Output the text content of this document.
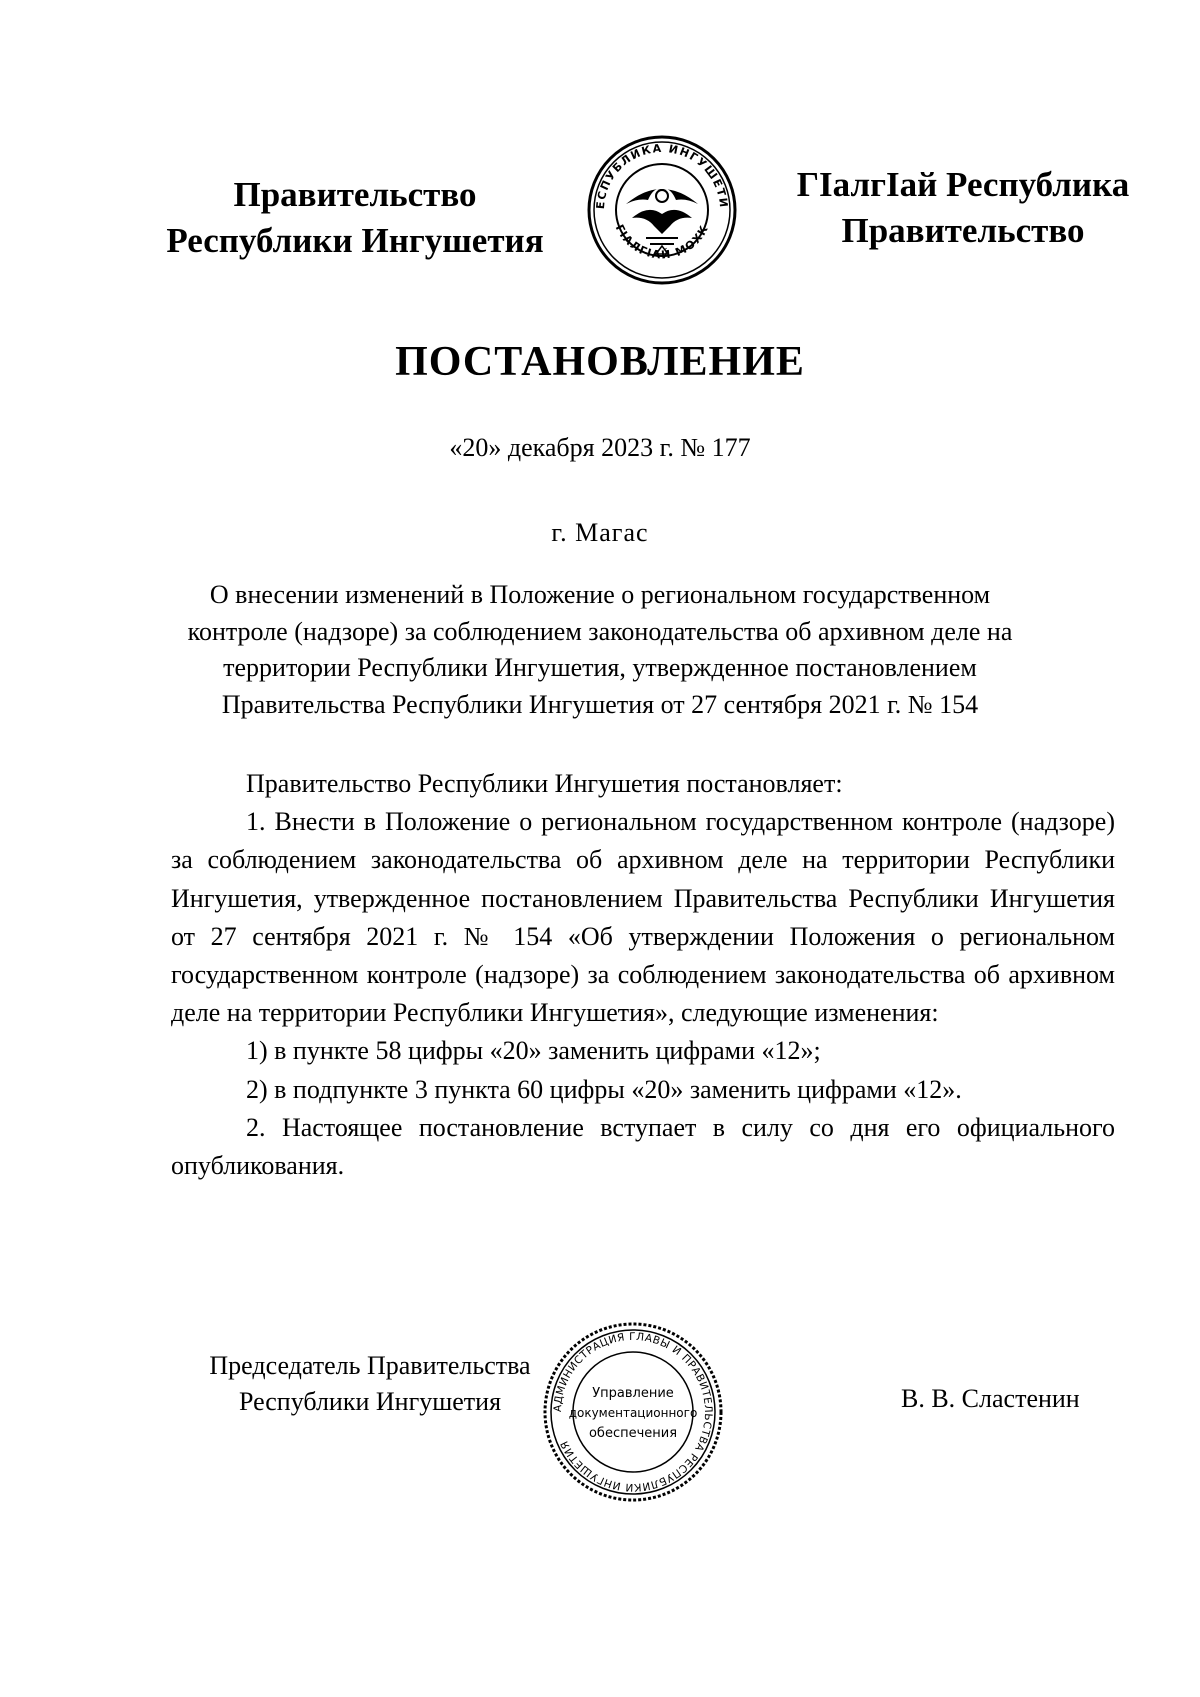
Правительство
Республики Ингушетия
ЕСПУБЛИКА ИНГУШЕТИ
ГIАЛГIАЙ МОХК
ГIалгIай Республика
Правительство
ПОСТАНОВЛЕНИЕ
«20» декабря 2023 г. № 177
г. Магас
О внесении изменений в Положение о региональном государственном контроле (надзоре) за соблюдением законодательства об архивном деле на территории Республики Ингушетия, утвержденное постановлением Правительства Республики Ингушетия от 27 сентября 2021 г. № 154

Правительство Республики Ингушетия постановляет:

1. Внести в Положение о региональном государственном контроле (надзоре) за соблюдением законодательства об архивном деле на территории Республики Ингушетия, утвержденное постановлением Правительства Республики Ингушетия от 27 сентября 2021 г. № 154 «Об утверждении Положения о региональном государственном контроле (надзоре) за соблюдением законодательства об архивном деле на территории Республики Ингушетия», следующие изменения:

1) в пункте 58 цифры «20» заменить цифрами «12»;

2) в подпункте 3 пункта 60 цифры «20» заменить цифрами «12».

2. Настоящее постановление вступает в силу со дня его официального опубликования.

Председатель Правительства
Республики Ингушетия	АДМИНИСТРАЦИЯ ГЛАВЫ И ПРАВИТЕЛЬСТВА РЕСПУБЛИКИ ИНГУШЕТИЯ
Управление
документационного
обеспечения
В. В. Сластенин
